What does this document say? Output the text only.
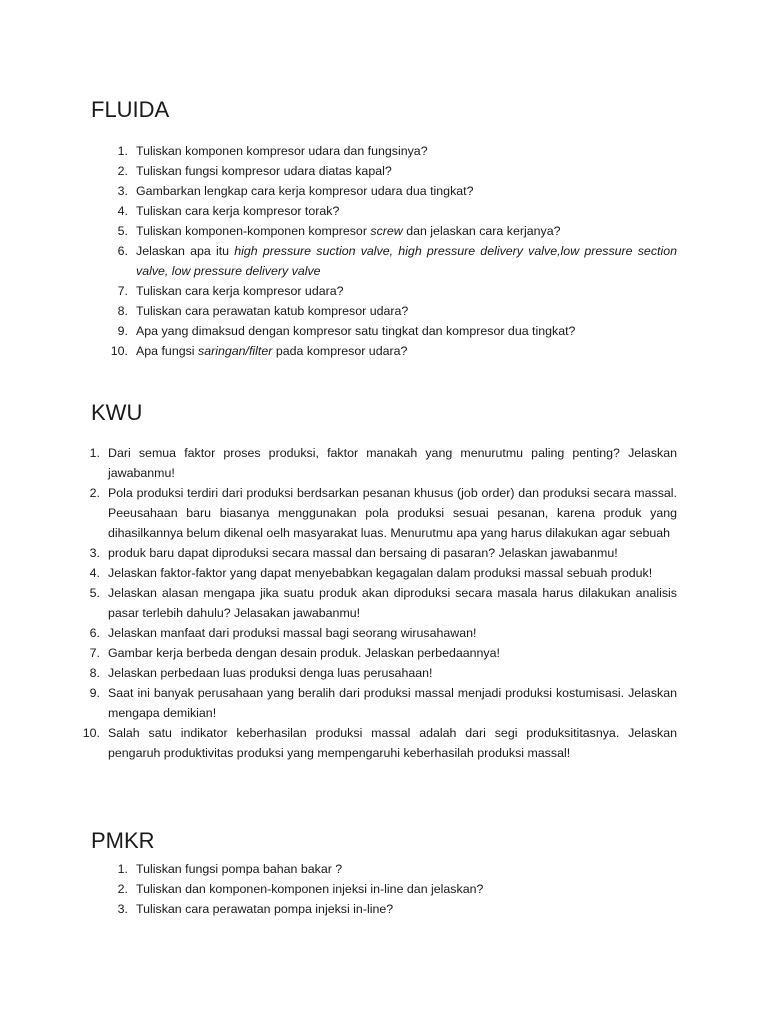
FLUIDA
1. Tuliskan komponen kompresor udara dan fungsinya?
2. Tuliskan fungsi kompresor udara diatas kapal?
3. Gambarkan lengkap cara kerja kompresor udara dua tingkat?
4. Tuliskan cara kerja kompresor torak?
5. Tuliskan komponen-komponen kompresor screw dan jelaskan cara kerjanya?
6. Jelaskan apa itu high pressure suction valve, high pressure delivery valve,low pressure section valve, low pressure delivery valve
7. Tuliskan cara kerja kompresor udara?
8. Tuliskan cara perawatan katub kompresor udara?
9. Apa yang dimaksud dengan kompresor satu tingkat dan kompresor dua tingkat?
10. Apa fungsi saringan/filter pada kompresor udara?
KWU
1. Dari semua faktor proses produksi, faktor manakah yang menurutmu paling penting? Jelaskan jawabanmu!
2. Pola produksi terdiri dari produksi berdsarkan pesanan khusus (job order) dan produksi secara massal. Peeusahaan baru biasanya menggunakan pola produksi sesuai pesanan, karena produk yang dihasilkannya belum dikenal oelh masyarakat luas. Menurutmu apa yang harus dilakukan agar sebuah
3. produk baru dapat diproduksi secara massal dan bersaing di pasaran? Jelaskan jawabanmu!
4. Jelaskan faktor-faktor yang dapat menyebabkan kegagalan dalam produksi massal sebuah produk!
5. Jelaskan alasan mengapa jika suatu produk akan diproduksi secara masala harus dilakukan analisis pasar terlebih dahulu? Jelasakan jawabanmu!
6. Jelaskan manfaat dari produksi massal bagi seorang wirusahawan!
7. Gambar kerja berbeda dengan desain produk. Jelaskan perbedaannya!
8. Jelaskan perbedaan luas produksi denga luas perusahaan!
9. Saat ini banyak perusahaan yang beralih dari produksi massal menjadi produksi kostumisasi. Jelaskan mengapa demikian!
10. Salah satu indikator keberhasilan produksi massal adalah dari segi produksititasnya. Jelaskan pengaruh produktivitas produksi yang mempengaruhi keberhasilah produksi massal!
PMKR
1. Tuliskan fungsi pompa bahan bakar ?
2. Tuliskan dan komponen-komponen injeksi in-line dan jelaskan?
3. Tuliskan cara perawatan pompa injeksi in-line?
